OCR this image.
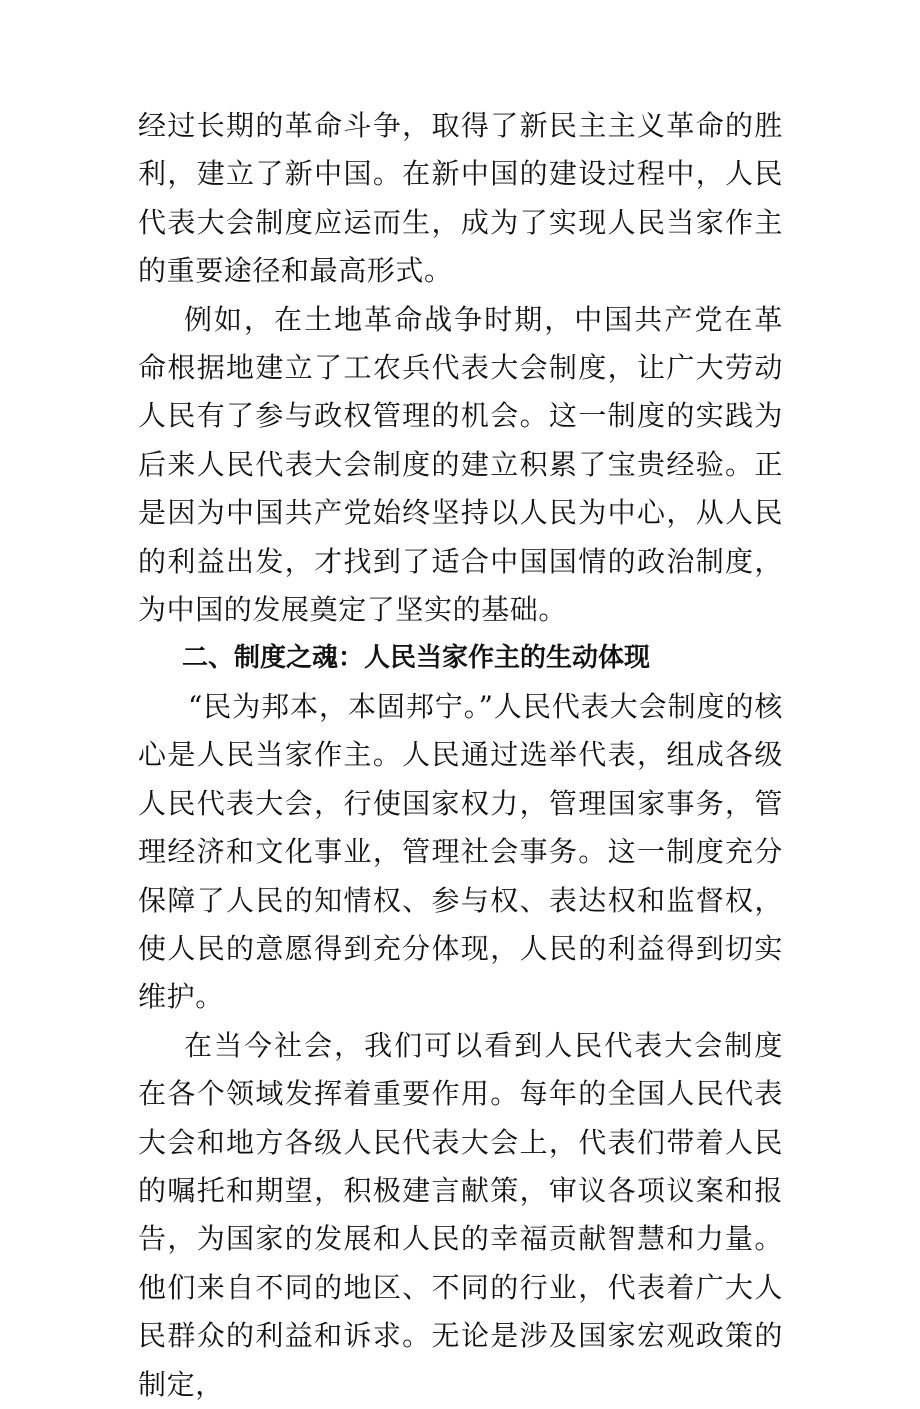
经过长期的革命斗争，取得了新民主主义革命的胜利，建立了新中国。在新中国的建设过程中，人民代表大会制度应运而生，成为了实现人民当家作主的重要途径和最高形式。

例如，在土地革命战争时期，中国共产党在革命根据地建立了工农兵代表大会制度，让广大劳动人民有了参与政权管理的机会。这一制度的实践为后来人民代表大会制度的建立积累了宝贵经验。正是因为中国共产党始终坚持以人民为中心，从人民的利益出发，才找到了适合中国国情的政治制度，为中国的发展奠定了坚实的基础。

二、制度之魂：人民当家作主的生动体现

“民为邦本，本固邦宁。”人民代表大会制度的核心是人民当家作主。人民通过选举代表，组成各级人民代表大会，行使国家权力，管理国家事务，管理经济和文化事业，管理社会事务。这一制度充分保障了人民的知情权、参与权、表达权和监督权，使人民的意愿得到充分体现，人民的利益得到切实维护。

在当今社会，我们可以看到人民代表大会制度在各个领域发挥着重要作用。每年的全国人民代表大会和地方各级人民代表大会上，代表们带着人民的嘱托和期望，积极建言献策，审议各项议案和报告，为国家的发展和人民的幸福贡献智慧和力量。他们来自不同的地区、不同的行业，代表着广大人民群众的利益和诉求。无论是涉及国家宏观政策的制定，
